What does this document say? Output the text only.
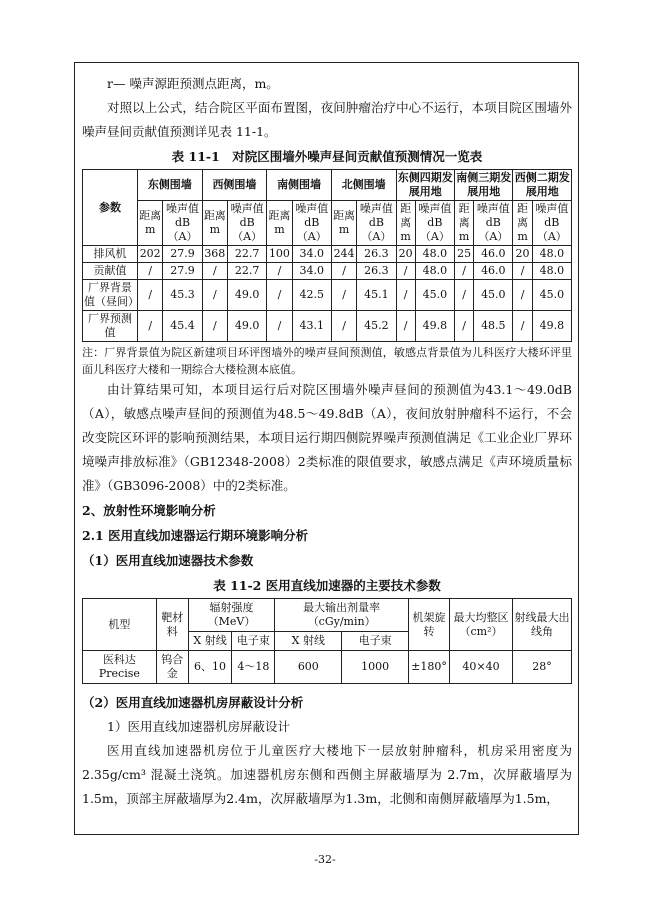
r— 噪声源距预测点距离，m。

对照以上公式，结合院区平面布置图，夜间肿瘤治疗中心不运行，本项目院区围墙外噪声昼间贡献值预测详见表 11-1。

表 11-1　对院区围墙外噪声昼间贡献值预测情况一览表
参数	东侧围墙		西侧围墙		南侧围墙		北侧围墙		东侧四期发展用地		南侧三期发展用地		西侧二期发展用地	
	距离m	噪声值 dB（A）	距离m	噪声值 dB（A）	距离m	噪声值 dB（A）	距离m	噪声值 dB（A）	距离m	噪声值 dB（A）	距离m	噪声值 dB（A）	距离m	噪声值 dB（A）
排风机	202	27.9	368	22.7	100	34.0	244	26.3	20	48.0	25	46.0	20	48.0
贡献值	/	27.9	/	22.7	/	34.0	/	26.3	/	48.0	/	46.0	/	48.0
厂界背景值（昼间）	/	45.3	/	49.0	/	42.5	/	45.1	/	45.0	/	45.0	/	45.0
厂界预测值	/	45.4	/	49.0	/	43.1	/	45.2	/	49.8	/	48.5	/	49.8

注：厂界背景值为院区新建项目环评图墙外的噪声昼间预测值，敏感点背景值为儿科医疗大楼环评里面儿科医疗大楼和一期综合大楼检测本底值。

由计算结果可知，本项目运行后对院区围墙外噪声昼间的预测值为43.1～49.0dB（A），敏感点噪声昼间的预测值为48.5～49.8dB（A），夜间放射肿瘤科不运行，不会改变院区环评的影响预测结果，本项目运行期四侧院界噪声预测值满足《工业企业厂界环境噪声排放标准》（GB12348-2008）2类标准的限值要求，敏感点满足《声环境质量标准》（GB3096-2008）中的2类标准。

2、放射性环境影响分析
2.1 医用直线加速器运行期环境影响分析
（1）医用直线加速器技术参数
表 11-2 医用直线加速器的主要技术参数
机型	靶材料	辐射强度（MeV）		最大输出剂量率（cGy/min）		机架旋转	最大均整区（cm²）	射线最大出线角
		X 射线	电子束	X 射线	电子束			
医科达 Precise	钨合金	6、10	4～18	600	1000	±180°	40×40	28°
（2）医用直线加速器机房屏蔽设计分析

1）医用直线加速器机房屏蔽设计

医用直线加速器机房位于儿童医疗大楼地下一层放射肿瘤科，机房采用密度为2.35g/cm³ 混凝土浇筑。加速器机房东侧和西侧主屏蔽墙厚为 2.7m，次屏蔽墙厚为1.5m，顶部主屏蔽墙厚为2.4m，次屏蔽墙厚为1.3m，北侧和南侧屏蔽墙厚为1.5m，

-32-
